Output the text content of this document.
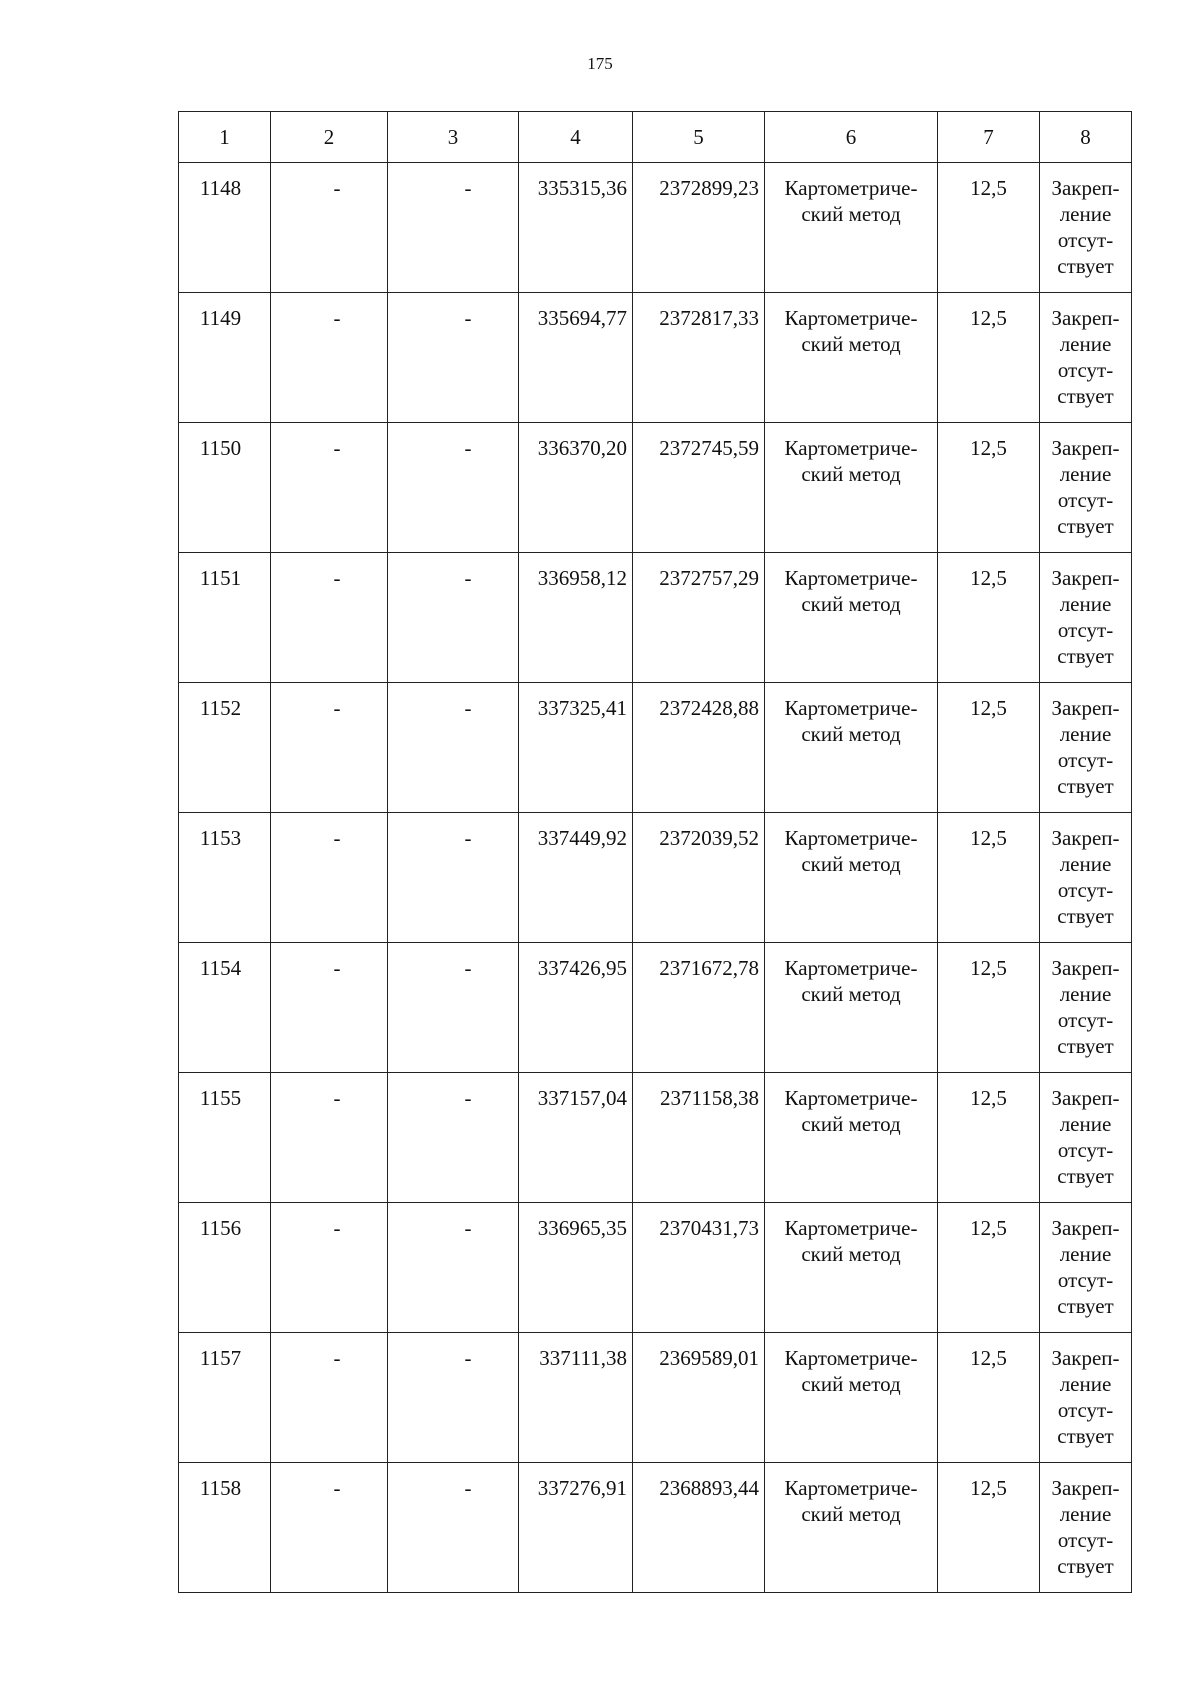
175
1	2	3	4	5	6	7	8

1148	-	-	335315,36	2372899,23	Картометриче-
ский метод	12,5	Закреп-
ление
отсут-
ствует

1149	-	-	335694,77	2372817,33	Картометриче-
ский метод	12,5	Закреп-
ление
отсут-
ствует

1150	-	-	336370,20	2372745,59	Картометриче-
ский метод	12,5	Закреп-
ление
отсут-
ствует

1151	-	-	336958,12	2372757,29	Картометриче-
ский метод	12,5	Закреп-
ление
отсут-
ствует

1152	-	-	337325,41	2372428,88	Картометриче-
ский метод	12,5	Закреп-
ление
отсут-
ствует

1153	-	-	337449,92	2372039,52	Картометриче-
ский метод	12,5	Закреп-
ление
отсут-
ствует

1154	-	-	337426,95	2371672,78	Картометриче-
ский метод	12,5	Закреп-
ление
отсут-
ствует

1155	-	-	337157,04	2371158,38	Картометриче-
ский метод	12,5	Закреп-
ление
отсут-
ствует

1156	-	-	336965,35	2370431,73	Картометриче-
ский метод	12,5	Закреп-
ление
отсут-
ствует

1157	-	-	337111,38	2369589,01	Картометриче-
ский метод	12,5	Закреп-
ление
отсут-
ствует

1158	-	-	337276,91	2368893,44	Картометриче-
ский метод	12,5	Закреп-
ление
отсут-
ствует
